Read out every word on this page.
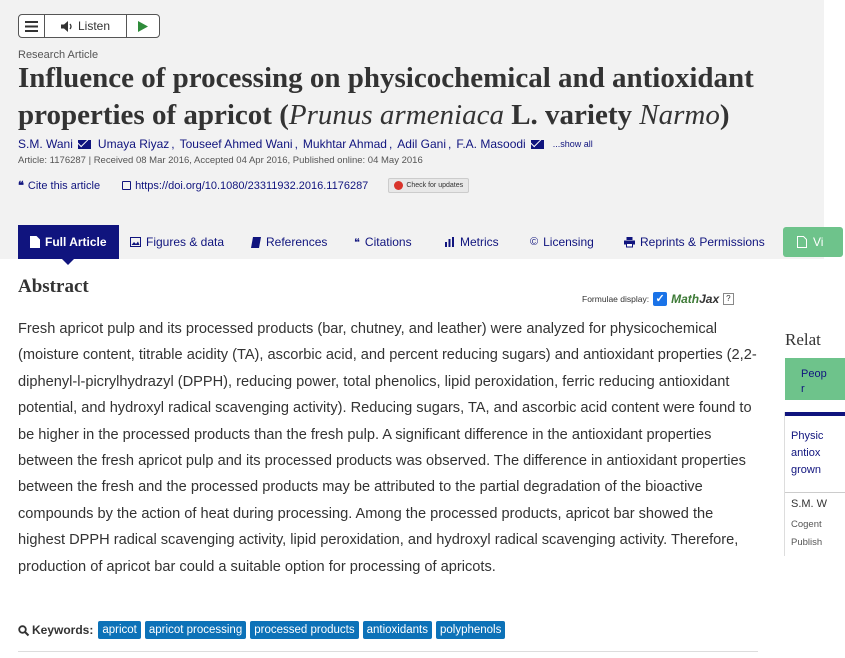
Listen
Research Article
Influence of processing on physicochemical and antioxidant
properties of apricot (Prunus armeniaca L. variety Narmo)
S.M. Wani Umaya Riyaz , Touseef Ahmed Wani , Mukhtar Ahmad , Adil Gani , F.A. Masoodi	...show all
Article: 1176287 | Received 08 Mar 2016, Accepted 04 Apr 2016, Published online: 04 May 2016
❝ Cite this article	https://doi.org/10.1080/23311932.2016.1176287	Check for updates
Full Article	Figures & data	References ❝ Citations	Metrics	© Licensing	Reprints & Permissions	Vi
Abstract
Formulae display: ✓ MathJax ?

Fresh apricot pulp and its processed products (bar, chutney, and leather) were analyzed for physicochemical (moisture content, titrable acidity (TA), ascorbic acid, and percent reducing sugars) and antioxidant properties (2,2-diphenyl-l-picrylhydrazyl (DPPH), reducing power, total phenolics, lipid peroxidation, ferric reducing antioxidant potential, and hydroxyl radical scavenging activity). Reducing sugars, TA, and ascorbic acid content were found to be higher in the processed products than the fresh pulp. A significant difference in the antioxidant properties between the fresh apricot pulp and its processed products was observed. The difference in antioxidant properties between the fresh and the processed products may be attributed to the partial degradation of the bioactive compounds by the action of heat during processing. Among the processed products, apricot bar showed the highest DPPH radical scavenging activity, lipid peroxidation, and hydroxyl radical scavenging activity. Therefore, production of apricot bar could a suitable option for processing of apricots.

Keywords: apricot	apricot processing	processed products	antioxidants	polyphenols
Relat
Peop
r
Physic
antiox
grown
S.M. W
Cogent
Publish
